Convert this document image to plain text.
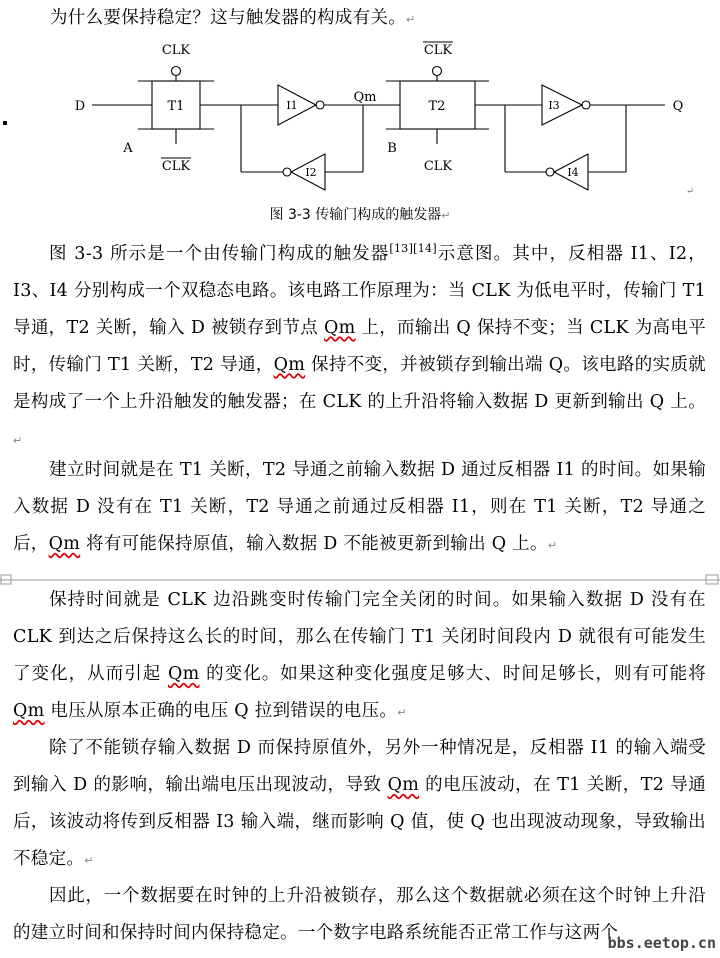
为什么要保持稳定？这与触发器的构成有关。↵

T1
CLK
CLK
I1
Qm
I2
T2
CLK
CLK
I3
I4
D
A	B
Q
↵
图 3-3 传输门构成的触发器↵

图 3-3 所示是一个由传输门构成的触发器[13][14]示意图。其中，反相器 I1、I2，I3、I4 分别构成一个双稳态电路。该电路工作原理为：当 CLK 为低电平时，传输门 T1 导通，T2 关断，输入 D 被锁存到节点 Qm 上，而输出 Q 保持不变；当 CLK 为高电平时，传输门 T1 关断，T2 导通，Qm 保持不变，并被锁存到输出端 Q。该电路的实质就是构成了一个上升沿触发的触发器；在 CLK 的上升沿将输入数据 D 更新到输出 Q 上。↵

建立时间就是在 T1 关断，T2 导通之前输入数据 D 通过反相器 I1 的时间。如果输入数据 D 没有在 T1 关断，T2 导通之前通过反相器 I1，则在 T1 关断，T2 导通之后，Qm 将有可能保持原值，输入数据 D 不能被更新到输出 Q 上。↵

保持时间就是 CLK 边沿跳变时传输门完全关闭的时间。如果输入数据 D 没有在 CLK 到达之后保持这么长的时间，那么在传输门 T1 关闭时间段内 D 就很有可能发生了变化，从而引起 Qm 的变化。如果这种变化强度足够大、时间足够长，则有可能将 Qm 电压从原本正确的电压 Q 拉到错误的电压。↵

除了不能锁存输入数据 D 而保持原值外，另外一种情况是，反相器 I1 的输入端受到输入 D 的影响，输出端电压出现波动，导致 Qm 的电压波动，在 T1 关断，T2 导通后，该波动将传到反相器 I3 输入端，继而影响 Q 值，使 Q 也出现波动现象，导致输出不稳定。↵

因此，一个数据要在时钟的上升沿被锁存，那么这个数据就必须在这个时钟上升沿的建立时间和保持时间内保持稳定。一个数字电路系统能否正常工作与这两个

bbs.eetop.cn
